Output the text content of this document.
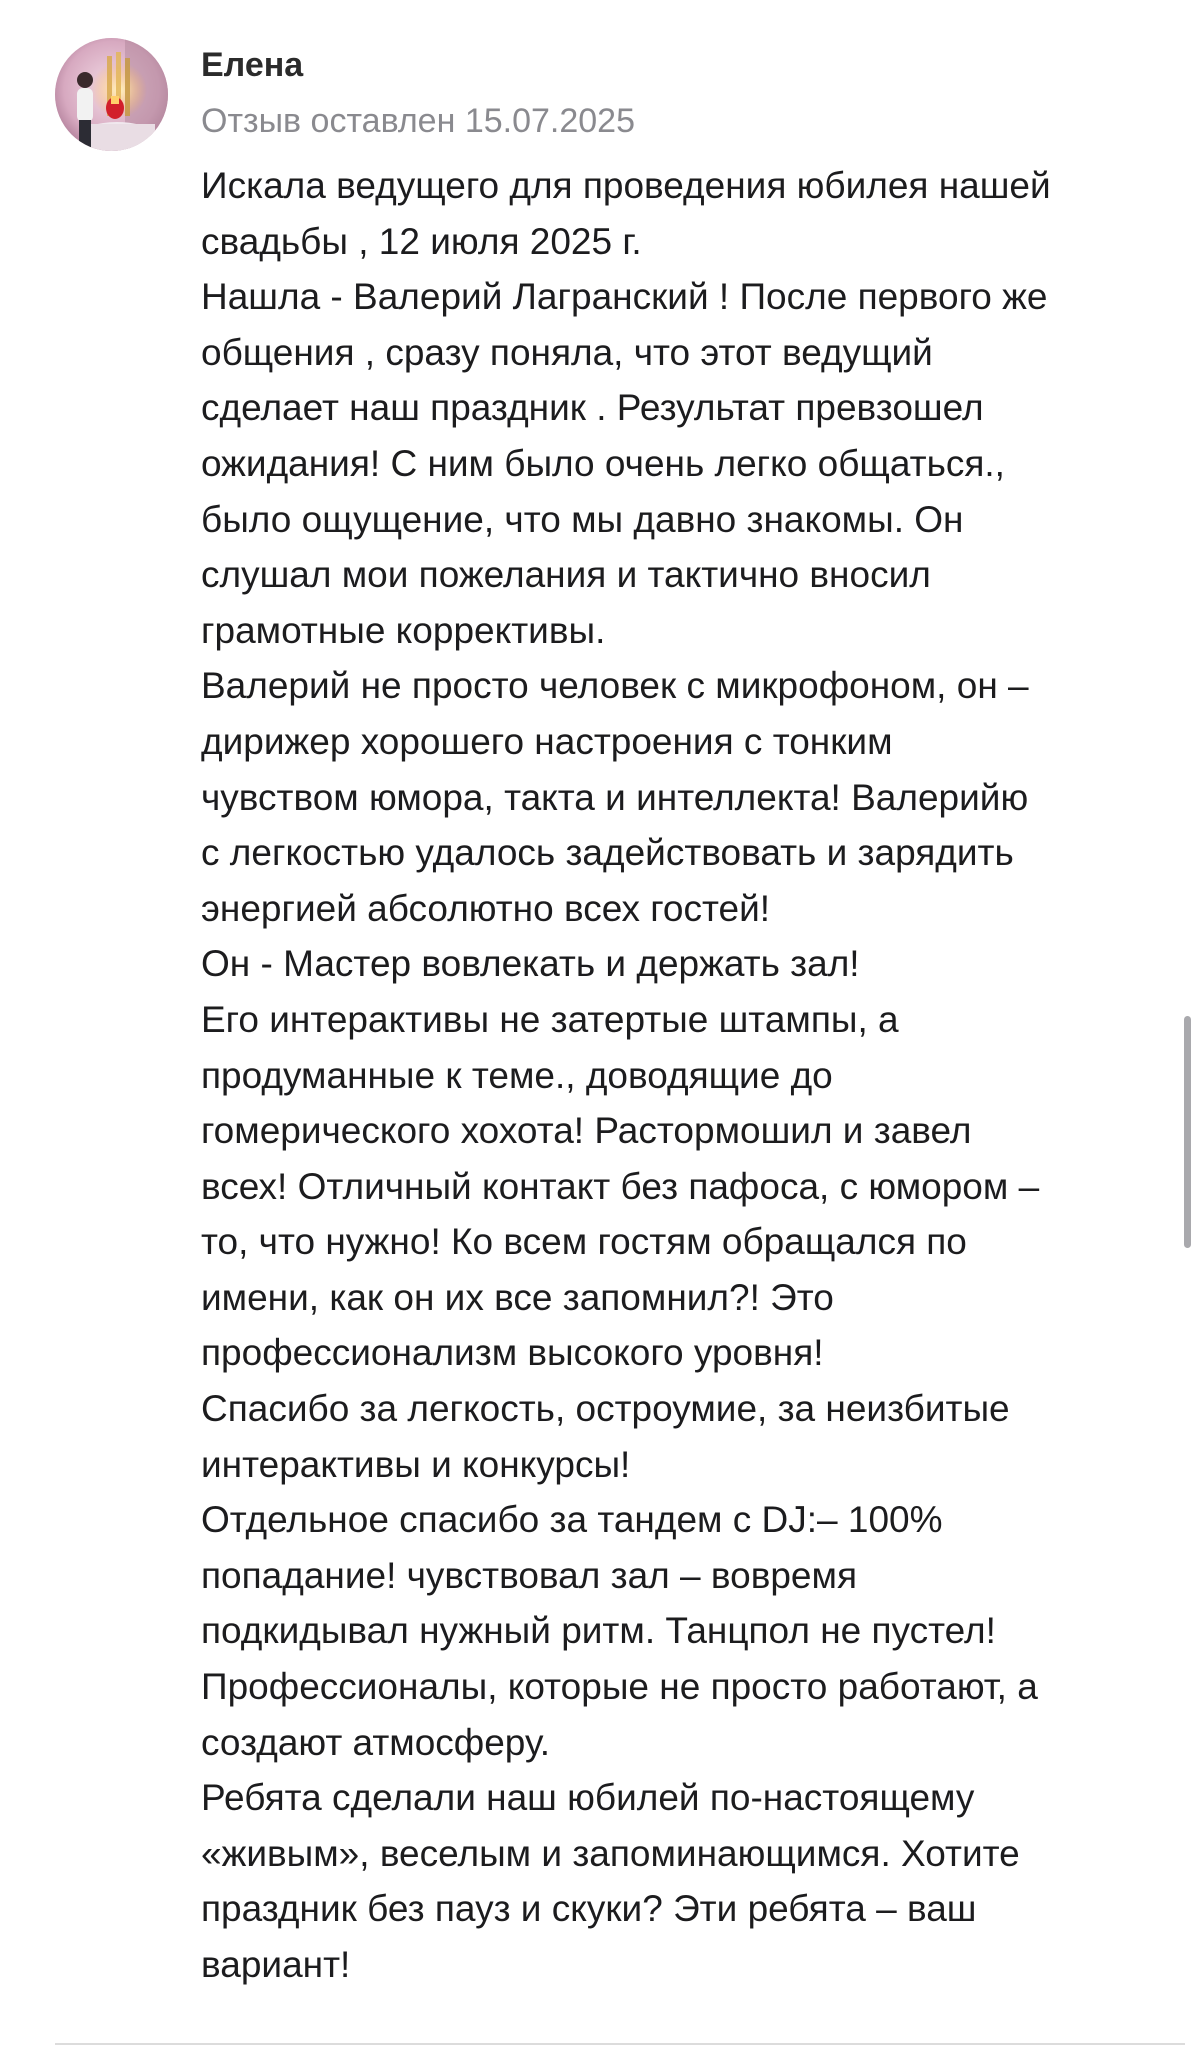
Елена
Отзыв оставлен 15.07.2025
Искала ведущего для проведения юбилея нашей
свадьбы , 12 июля 2025 г.
Нашла - Валерий Лагранский ! После первого же
общения , сразу поняла, что этот ведущий
сделает наш праздник . Результат превзошел
ожидания! С ним было очень легко общаться.,
было ощущение, что мы давно знакомы. Он
слушал мои пожелания и тактично вносил
грамотные коррективы.
Валерий не просто человек с микрофоном, он –
дирижер хорошего настроения с тонким
чувством юмора, такта и интеллекта! Валерийю
с легкостью удалось задействовать и зарядить
энергией абсолютно всех гостей!
Он - Мастер вовлекать и держать зал!
Его интерактивы не затертые штампы, а
продуманные к теме., доводящие до
гомерического хохота! Растормошил и завел
всех! Отличный контакт без пафоса, с юмором –
то, что нужно! Ко всем гостям обращался по
имени, как он их все запомнил?! Это
профессионализм высокого уровня!
Спасибо за легкость, остроумие, за неизбитые
интерактивы и конкурсы!
Отдельное спасибо за тандем с DJ:– 100%
попадание! чувствовал зал – вовремя
подкидывал нужный ритм. Танцпол не пустел!
Профессионалы, которые не просто работают, а
создают атмосферу.
Ребята сделали наш юбилей по-настоящему
«живым», веселым и запоминающимся. Хотите
праздник без пауз и скуки? Эти ребята – ваш
вариант!
